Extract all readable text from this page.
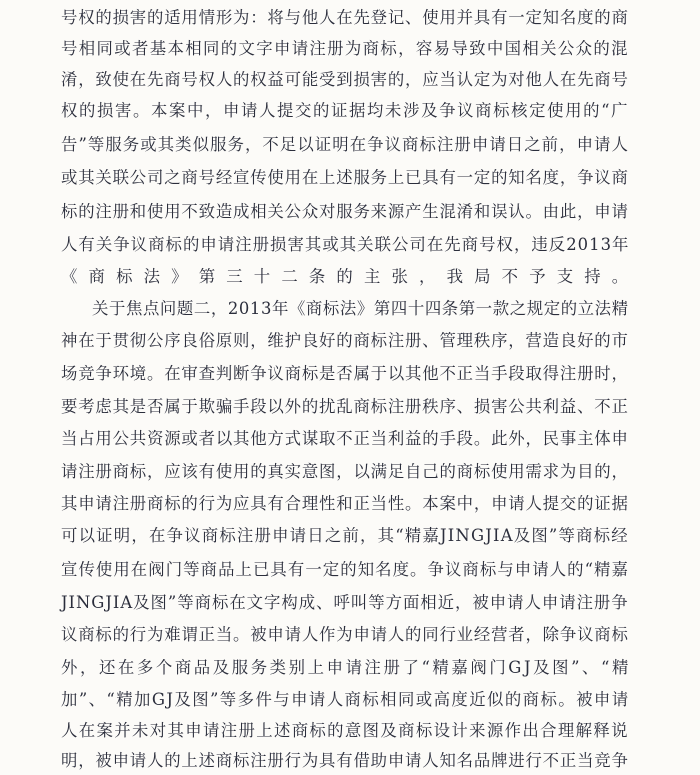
号权的损害的适用情形为：将与他人在先登记、使用并具有一定知名度的商
号相同或者基本相同的文字申请注册为商标，容易导致中国相关公众的混
淆，致使在先商号权人的权益可能受到损害的，应当认定为对他人在先商号
权的损害。本案中，申请人提交的证据均未涉及争议商标核定使用的“广
告”等服务或其类似服务，不足以证明在争议商标注册申请日之前，申请人
或其关联公司之商号经宣传使用在上述服务上已具有一定的知名度，争议商
标的注册和使用不致造成相关公众对服务来源产生混淆和误认。由此，申请
人有关争议商标的申请注册损害其或其关联公司在先商号权，违反2013年
《商标法》第三十二条的主张，我局不予支持。
关于焦点问题二，2013年《商标法》第四十四条第一款之规定的立法精
神在于贯彻公序良俗原则，维护良好的商标注册、管理秩序，营造良好的市
场竞争环境。在审查判断争议商标是否属于以其他不正当手段取得注册时，
要考虑其是否属于欺骗手段以外的扰乱商标注册秩序、损害公共利益、不正
当占用公共资源或者以其他方式谋取不正当利益的手段。此外，民事主体申
请注册商标，应该有使用的真实意图，以满足自己的商标使用需求为目的，
其申请注册商标的行为应具有合理性和正当性。本案中，申请人提交的证据
可以证明，在争议商标注册申请日之前，其“精嘉JINGJIA及图”等商标经
宣传使用在阀门等商品上已具有一定的知名度。争议商标与申请人的“精嘉
JINGJIA及图”等商标在文字构成、呼叫等方面相近，被申请人申请注册争
议商标的行为难谓正当。被申请人作为申请人的同行业经营者，除争议商标
外，还在多个商品及服务类别上申请注册了“精嘉阀门GJ及图”、“精
加”、“精加GJ及图”等多件与申请人商标相同或高度近似的商标。被申请
人在案并未对其申请注册上述商标的意图及商标设计来源作出合理解释说
明，被申请人的上述商标注册行为具有借助申请人知名品牌进行不正当竞争
